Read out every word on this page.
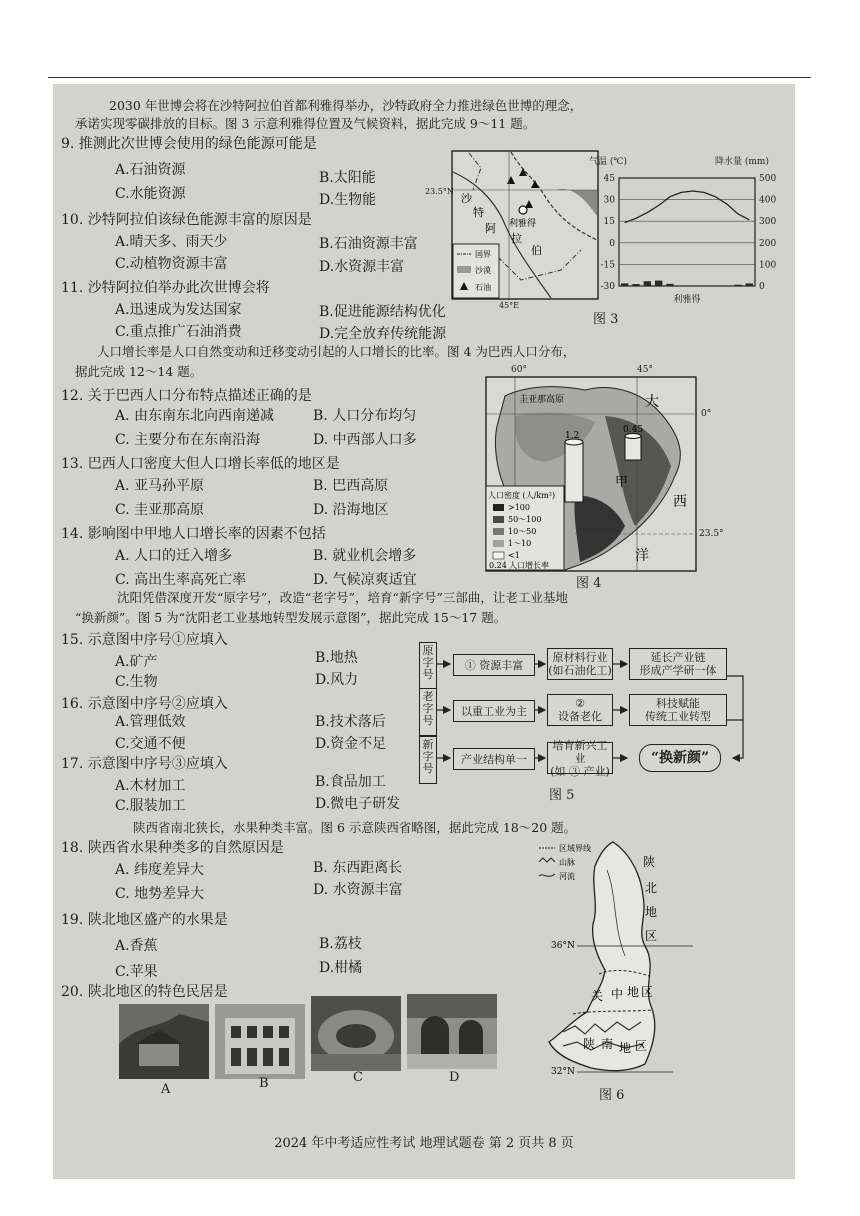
2030 年世博会将在沙特阿拉伯首都利雅得举办，沙特政府全力推进绿色世博的理念，
承诺实现零碳排放的目标。图 3 示意利雅得位置及气候资料，据此完成 9～11 题。
9. 推测此次世博会使用的绿色能源可能是
A.石油资源	B.太阳能
C.水能资源	D.生物能
10. 沙特阿拉伯该绿色能源丰富的原因是
A.晴天多、雨天少	B.石油资源丰富
C.动植物资源丰富	D.水资源丰富
11. 沙特阿拉伯举办此次世博会将
A.迅速成为发达国家	B.促进能源结构优化
C.重点推广石油消费	D.完全放弃传统能源
沙
特
阿
拉
伯
利雅得
国界
沙漠
石油
23.5°N
45°E
45	500
30	400
15	300
0	200
-15	100
-30	0
气温 (℃)	降水量 (mm)
利雅得
图 3
人口增长率是人口自然变动和迁移变动引起的人口增长的比率。图 4 为巴西人口分布，
据此完成 12～14 题。
12. 关于巴西人口分布特点描述正确的是
A. 由东南东北向西南递减	B. 人口分布均匀
C. 主要分布在东南沿海	D. 中西部人口多
13. 巴西人口密度大但人口增长率低的地区是
A. 亚马孙平原	B. 巴西高原
C. 圭亚那高原	D. 沿海地区
14. 影响图中甲地人口增长率的因素不包括
A. 人口的迁入增多	B. 就业机会增多
C. 高出生率高死亡率	D. 气候凉爽适宜
大
西
洋
甲
1.2
0.45
圭亚那高原
人口密度 (人/km²)
>100
50～100
10～50
1～10
<1
0.24 人口增长率
60°	45°
0°
23.5°
图 4
沈阳凭借深度开发“原字号”，改造“老字号”，培育“新字号”三部曲，让老工业基地
“换新颜”。图 5 为“沈阳老工业基地转型发展示意图”，据此完成 15～17 题。
15. 示意图中序号①应填入
A.矿产	B.地热
C.生物	D.风力
16. 示意图中序号②应填入
A.管理低效	B.技术落后
C.交通不便	D.资金不足
17. 示意图中序号③应填入
A.木材加工	B.食品加工
C.服装加工	D.微电子研发
原字号
老字号
新字号
① 资源丰富
原材料行业
(如石油化工)
延长产业链
形成产学研一体
以重工业为主
②
设备老化
科技赋能
传统工业转型
产业结构单一
培育新兴工业
(如 ③ 产业)
“换新颜”
图 5
陕西省南北狭长，水果种类丰富。图 6 示意陕西省略图，据此完成 18～20 题。
18. 陕西省水果种类多的自然原因是
A. 纬度差异大	B. 东西距离长
C. 地势差异大	D. 水资源丰富
19. 陕北地区盛产的水果是
A.香蕉	B.荔枝
C.苹果	D.柑橘
20. 陕北地区的特色民居是
A	B	C	D
区域界线
山脉
河流
陕
北
地
区
关 中 地 区
陕 南 地 区
36°N
32°N
图 6
2024 年中考适应性考试 地理试题卷 第 2 页共 8 页
